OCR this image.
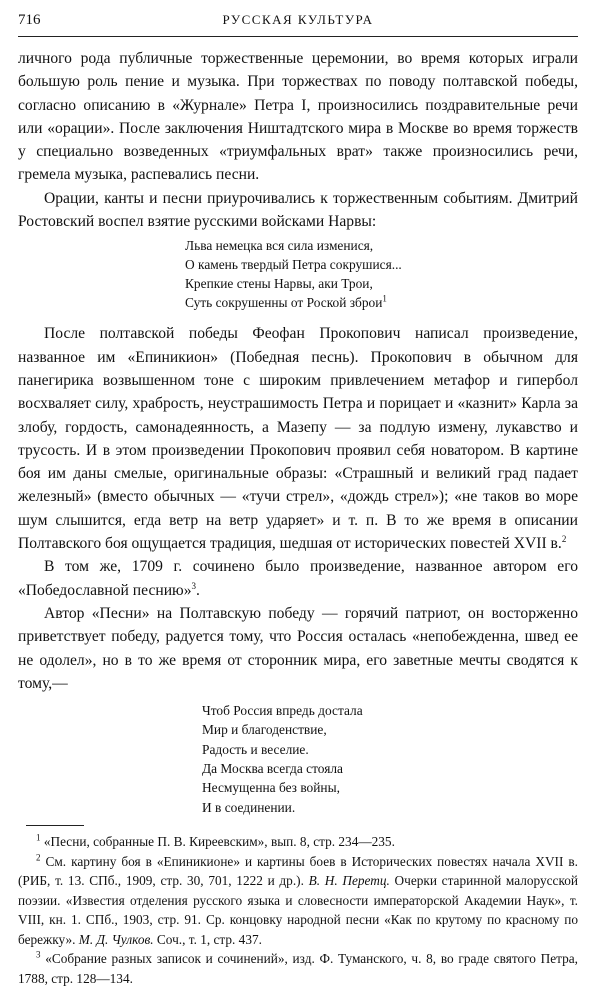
716	РУССКАЯ КУЛЬТУРА

личного рода публичные торжественные церемонии, во время которых играли большую роль пение и музыка. При торжествах по поводу полтавской победы, согласно описанию в «Журнале» Петра I, произносились поздравительные речи или «орации». После заключения Ништадтского мира в Москве во время торжеств у специально возведенных «триумфальных врат» также произносились речи, гремела музыка, распевались песни.

Орации, канты и песни приурочивались к торжественным событиям. Дмитрий Ростовский воспел взятие русскими войсками Нарвы:

Льва немецка вся сила изменися,
О камень твердый Петра сокрушися...
Крепкие стены Нарвы, аки Трои,
Суть сокрушенны от Роской зброи$^1$

После полтавской победы Феофан Прокопович написал произведение, названное им «Епиникион» (Победная песнь). Прокопович в обычном для панегирика возвышенном тоне с широким привлечением метафор и гипербол восхваляет силу, храбрость, неустрашимость Петра и порицает и «казнит» Карла за злобу, гордость, самонадеянность, а Мазепу — за подлую измену, лукавство и трусость. И в этом произведении Прокопович проявил себя новатором. В картине боя им даны смелые, оригинальные образы: «Страшный и великий град падает железный» (вместо обычных — «тучи стрел», «дождь стрел»); «не таков во море шум слышится, егда ветр на ветр ударяет» и т. п. В то же время в описании Полтавского боя ощущается традиция, шедшая от исторических повестей XVII в.$^2$

В том же, 1709 г. сочинено было произведение, названное автором его «Победославной песнию»$^3$.

Автор «Песни» на Полтавскую победу — горячий патриот, он восторженно приветствует победу, радуется тому, что Россия осталась «непобежденна, швед ее не одолел», но в то же время от сторонник мира, его заветные мечты сводятся к тому,—

Чтоб Россия впредь достала
Мир и благоденствие,
Радость и веселие.
Да Москва всегда стояла
Несмущенна без войны,
И в соединении.

$^1$ «Песни, собранные П. В. Киреевским», вып. 8, стр. 234—235.

$^2$ См. картину боя в «Епиникионе» и картины боев в Исторических повестях начала XVII в. (РИБ, т. 13. СПб., 1909, стр. 30, 701, 1222 и др.). В. Н. Перетц. Очерки старинной малорусской поэзии. «Известия отделения русского языка и словесности императорской Академии Наук», т. VIII, кн. 1. СПб., 1903, стр. 91. Ср. концовку народной песни «Как по крутому по красному по бережку». М. Д. Чулков. Соч., т. 1, стр. 437.

$^3$ «Собрание разных записок и сочинений», изд. Ф. Туманского, ч. 8, во граде святого Петра, 1788, стр. 128—134.
